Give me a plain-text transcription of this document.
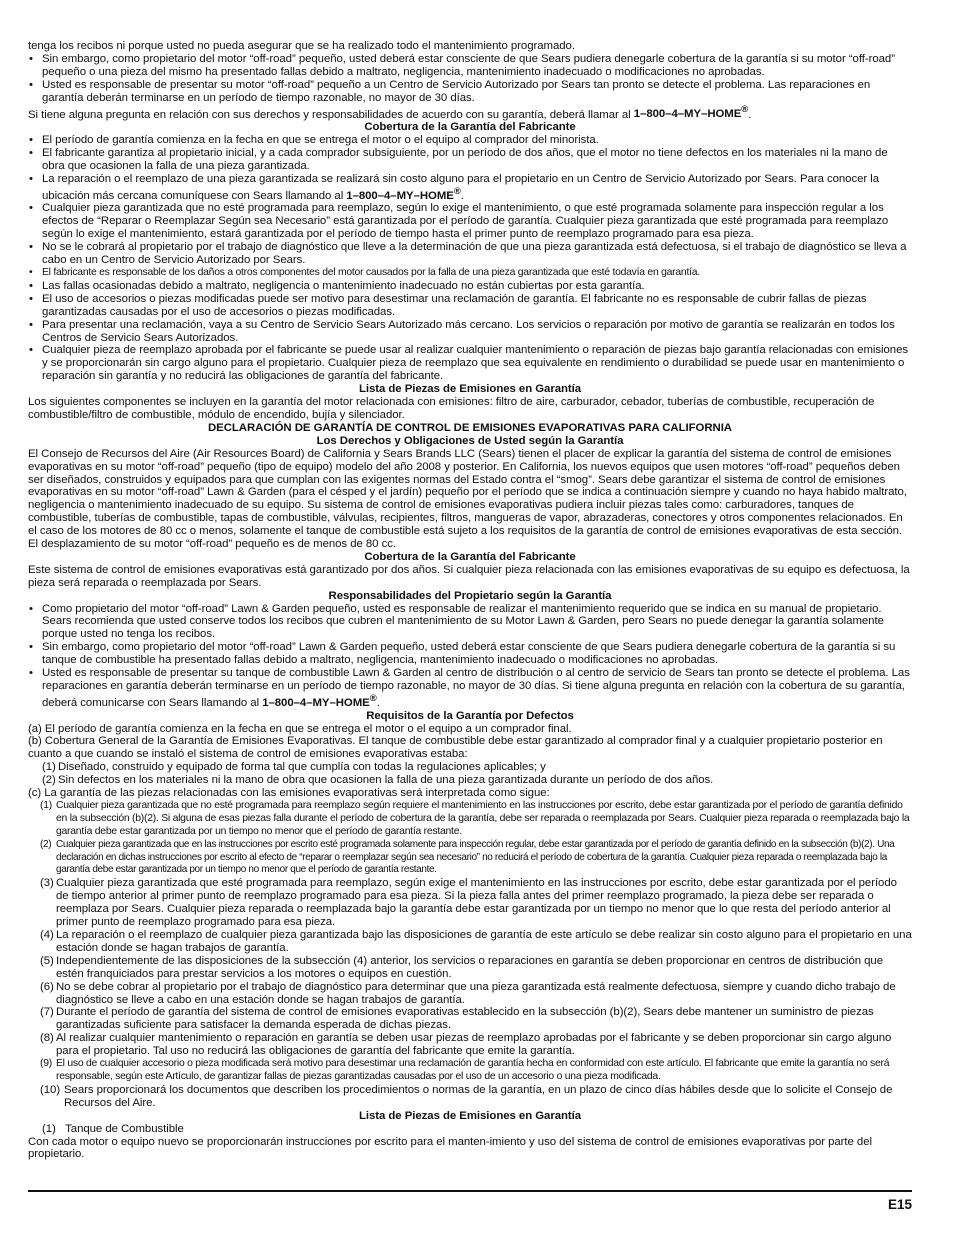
tenga los recibos ni porque usted no pueda asegurar que se ha realizado todo el mantenimiento programado.

• Sin embargo, como propietario del motor “off-road” pequeño, usted deberá estar consciente de que Sears pudiera denegarle cobertura de la garantía si su motor “off-road” pequeño o una pieza del mismo ha presentado fallas debido a maltrato, negligencia, mantenimiento inadecuado o modificaciones no aprobadas.

• Usted es responsable de presentar su motor “off-road” pequeño a un Centro de Servicio Autorizado por Sears tan pronto se detecte el problema. Las reparaciones en garantía deberán terminarse en un período de tiempo razonable, no mayor de 30 días.

Si tiene alguna pregunta en relación con sus derechos y responsabilidades de acuerdo con su garantía, deberá llamar al 1–800–4–MY–HOME®.

Cobertura de la Garantía del Fabricante

• El período de garantía comienza en la fecha en que se entrega el motor o el equipo al comprador del minorista.

• El fabricante garantiza al propietario inicial, y a cada comprador subsiguiente, por un período de dos años, que el motor no tiene defectos en los materiales ni la mano de obra que ocasionen la falla de una pieza garantizada.

• La reparación o el reemplazo de una pieza garantizada se realizará sin costo alguno para el propietario en un Centro de Servicio Autorizado por Sears. Para conocer la ubicación más cercana comuníquese con Sears llamando al 1–800–4–MY–HOME®.

• Cualquier pieza garantizada que no esté programada para reemplazo, según lo exige el mantenimiento, o que esté programada solamente para inspección regular a los efectos de “Reparar o Reemplazar Según sea Necesario” está garantizada por el período de garantía. Cualquier pieza garantizada que esté programada para reemplazo según lo exige el mantenimiento, estará garantizada por el período de tiempo hasta el primer punto de reemplazo programado para esa pieza.

• No se le cobrará al propietario por el trabajo de diagnóstico que lleve a la determinación de que una pieza garantizada está defectuosa, si el trabajo de diagnóstico se lleva a cabo en un Centro de Servicio Autorizado por Sears.

• El fabricante es responsable de los daños a otros componentes del motor causados por la falla de una pieza garantizada que esté todavía en garantía.

• Las fallas ocasionadas debido a maltrato, negligencia o mantenimiento inadecuado no están cubiertas por esta garantía.

• El uso de accesorios o piezas modificadas puede ser motivo para desestimar una reclamación de garantía. El fabricante no es responsable de cubrir fallas de piezas garantizadas causadas por el uso de accesorios o piezas modificadas.

• Para presentar una reclamación, vaya a su Centro de Servicio Sears Autorizado más cercano. Los servicios o reparación por motivo de garantía se realizarán en todos los Centros de Servicio Sears Autorizados.

• Cualquier pieza de reemplazo aprobada por el fabricante se puede usar al realizar cualquier mantenimiento o reparación de piezas bajo garantía relacionadas con emisiones y se proporcionarán sin cargo alguno para el propietario. Cualquier pieza de reemplazo que sea equivalente en rendimiento o durabilidad se puede usar en mantenimiento o reparación sin garantía y no reducirá las obligaciones de garantía del fabricante.

Lista de Piezas de Emisiones en Garantía

Los siguientes componentes se incluyen en la garantía del motor relacionada con emisiones: filtro de aire, carburador, cebador, tuberías de combustible, recuperación de combustible/filtro de combustible, módulo de encendido, bujía y silenciador.

DECLARACIÓN DE GARANTÍA DE CONTROL DE EMISIONES EVAPORATIVAS PARA CALIFORNIA

Los Derechos y Obligaciones de Usted según la Garantía

El Consejo de Recursos del Aire (Air Resources Board) de California y Sears Brands LLC (Sears) tienen el placer de explicar la garantía del sistema de control de emisiones evaporativas en su motor “off-road” pequeño (tipo de equipo) modelo del año 2008 y posterior. En California, los nuevos equipos que usen motores “off-road” pequeños deben ser diseñados, construidos y equipados para que cumplan con las exigentes normas del Estado contra el “smog”. Sears debe garantizar el sistema de control de emisiones evaporativas en su motor “off-road” Lawn & Garden (para el césped y el jardín) pequeño por el período que se indica a continuación siempre y cuando no haya habido maltrato, negligencia o mantenimiento inadecuado de su equipo. Su sistema de control de emisiones evaporativas pudiera incluir piezas tales como: carburadores, tanques de combustible, tuberías de combustible, tapas de combustible, válvulas, recipientes, filtros, mangueras de vapor, abrazaderas, conectores y otros componentes relacionados. En el caso de los motores de 80 cc o menos, solamente el tanque de combustible está sujeto a los requisitos de la garantía de control de emisiones evaporativas de esta sección. El desplazamiento de su motor “off-road” pequeño es de menos de 80 cc.

Cobertura de la Garantía del Fabricante

Este sistema de control de emisiones evaporativas está garantizado por dos años. Si cualquier pieza relacionada con las emisiones evaporativas de su equipo es defectuosa, la pieza será reparada o reemplazada por Sears.

Responsabilidades del Propietario según la Garantía

• Como propietario del motor “off-road” Lawn & Garden pequeño, usted es responsable de realizar el mantenimiento requerido que se indica en su manual de propietario. Sears recomienda que usted conserve todos los recibos que cubren el mantenimiento de su Motor Lawn & Garden, pero Sears no puede denegar la garantía solamente porque usted no tenga los recibos.

• Sin embargo, como propietario del motor “off-road” Lawn & Garden pequeño, usted deberá estar consciente de que Sears pudiera denegarle cobertura de la garantía si su tanque de combustible ha presentado fallas debido a maltrato, negligencia, mantenimiento inadecuado o modificaciones no aprobadas.

• Usted es responsable de presentar su tanque de combustible Lawn & Garden al centro de distribución o al centro de servicio de Sears tan pronto se detecte el problema. Las reparaciones en garantía deberán terminarse en un período de tiempo razonable, no mayor de 30 días. Si tiene alguna pregunta en relación con la cobertura de su garantía, deberá comunicarse con Sears llamando al 1–800–4–MY–HOME®.

Requisitos de la Garantía por Defectos

(a) El período de garantía comienza en la fecha en que se entrega el motor o el equipo a un comprador final.

(b) Cobertura General de la Garantía de Emisiones Evaporativas. El tanque de combustible debe estar garantizado al comprador final y a cualquier propietario posterior en cuanto a que cuando se instaló el sistema de control de emisiones evaporativas estaba:

(1) Diseñado, construido y equipado de forma tal que cumplía con todas la regulaciones aplicables; y

(2) Sin defectos en los materiales ni la mano de obra que ocasionen la falla de una pieza garantizada durante un período de dos años.

(c) La garantía de las piezas relacionadas con las emisiones evaporativas será interpretada como sigue:

(1) Cualquier pieza garantizada que no esté programada para reemplazo según requiere el mantenimiento en las instrucciones por escrito, debe estar garantizada por el período de garantía definido en la subsección (b)(2). Si alguna de esas piezas falla durante el período de cobertura de la garantía, debe ser reparada o reemplazada por Sears. Cualquier pieza reparada o reemplazada bajo la garantía debe estar garantizada por un tiempo no menor que el período de garantía restante.

(2) Cualquier pieza garantizada que en las instrucciones por escrito esté programada solamente para inspección regular, debe estar garantizada por el período de garantía definido en la subsección (b)(2). Una declaración en dichas instrucciones por escrito al efecto de “reparar o reemplazar según sea necesario” no reducirá el período de cobertura de la garantía. Cualquier pieza reparada o reemplazada bajo la garantía debe estar garantizada por un tiempo no menor que el período de garantía restante.

(3) Cualquier pieza garantizada que esté programada para reemplazo, según exige el mantenimiento en las instrucciones por escrito, debe estar garantizada por el período de tiempo anterior al primer punto de reemplazo programado para esa pieza. Si la pieza falla antes del primer reemplazo programado, la pieza debe ser reparada o reemplaza por Sears. Cualquier pieza reparada o reemplazada bajo la garantía debe estar garantizada por un tiempo no menor que lo que resta del período anterior al primer punto de reemplazo programado para esa pieza.

(4) La reparación o el reemplazo de cualquier pieza garantizada bajo las disposiciones de garantía de este artículo se debe realizar sin costo alguno para el propietario en una estación donde se hagan trabajos de garantía.

(5) Independientemente de las disposiciones de la subsección (4) anterior, los servicios o reparaciones en garantía se deben proporcionar en centros de distribución que estén franquiciados para prestar servicios a los motores o equipos en cuestión.

(6) No se debe cobrar al propietario por el trabajo de diagnóstico para determinar que una pieza garantizada está realmente defectuosa, siempre y cuando dicho trabajo de diagnóstico se lleve a cabo en una estación donde se hagan trabajos de garantía.

(7) Durante el período de garantía del sistema de control de emisiones evaporativas establecido en la subsección (b)(2), Sears debe mantener un suministro de piezas garantizadas suficiente para satisfacer la demanda esperada de dichas piezas.

(8) Al realizar cualquier mantenimiento o reparación en garantía se deben usar piezas de reemplazo aprobadas por el fabricante y se deben proporcionar sin cargo alguno para el propietario. Tal uso no reducirá las obligaciones de garantía del fabricante que emite la garantía.

(9) El uso de cualquier accesorio o pieza modificada será motivo para desestimar una reclamación de garantía hecha en conformidad con este artículo. El fabricante que emite la garantía no será responsable, según este Artículo, de garantizar fallas de piezas garantizadas causadas por el uso de un accesorio o una pieza modificada.

(10) Sears proporcionará los documentos que describen los procedimientos o normas de la garantía, en un plazo de cinco días hábiles desde que lo solicite el Consejo de Recursos del Aire.

Lista de Piezas de Emisiones en Garantía

(1) Tanque de Combustible

Con cada motor o equipo nuevo se proporcionarán instrucciones por escrito para el manten-imiento y uso del sistema de control de emisiones evaporativas por parte del propietario.

E15
